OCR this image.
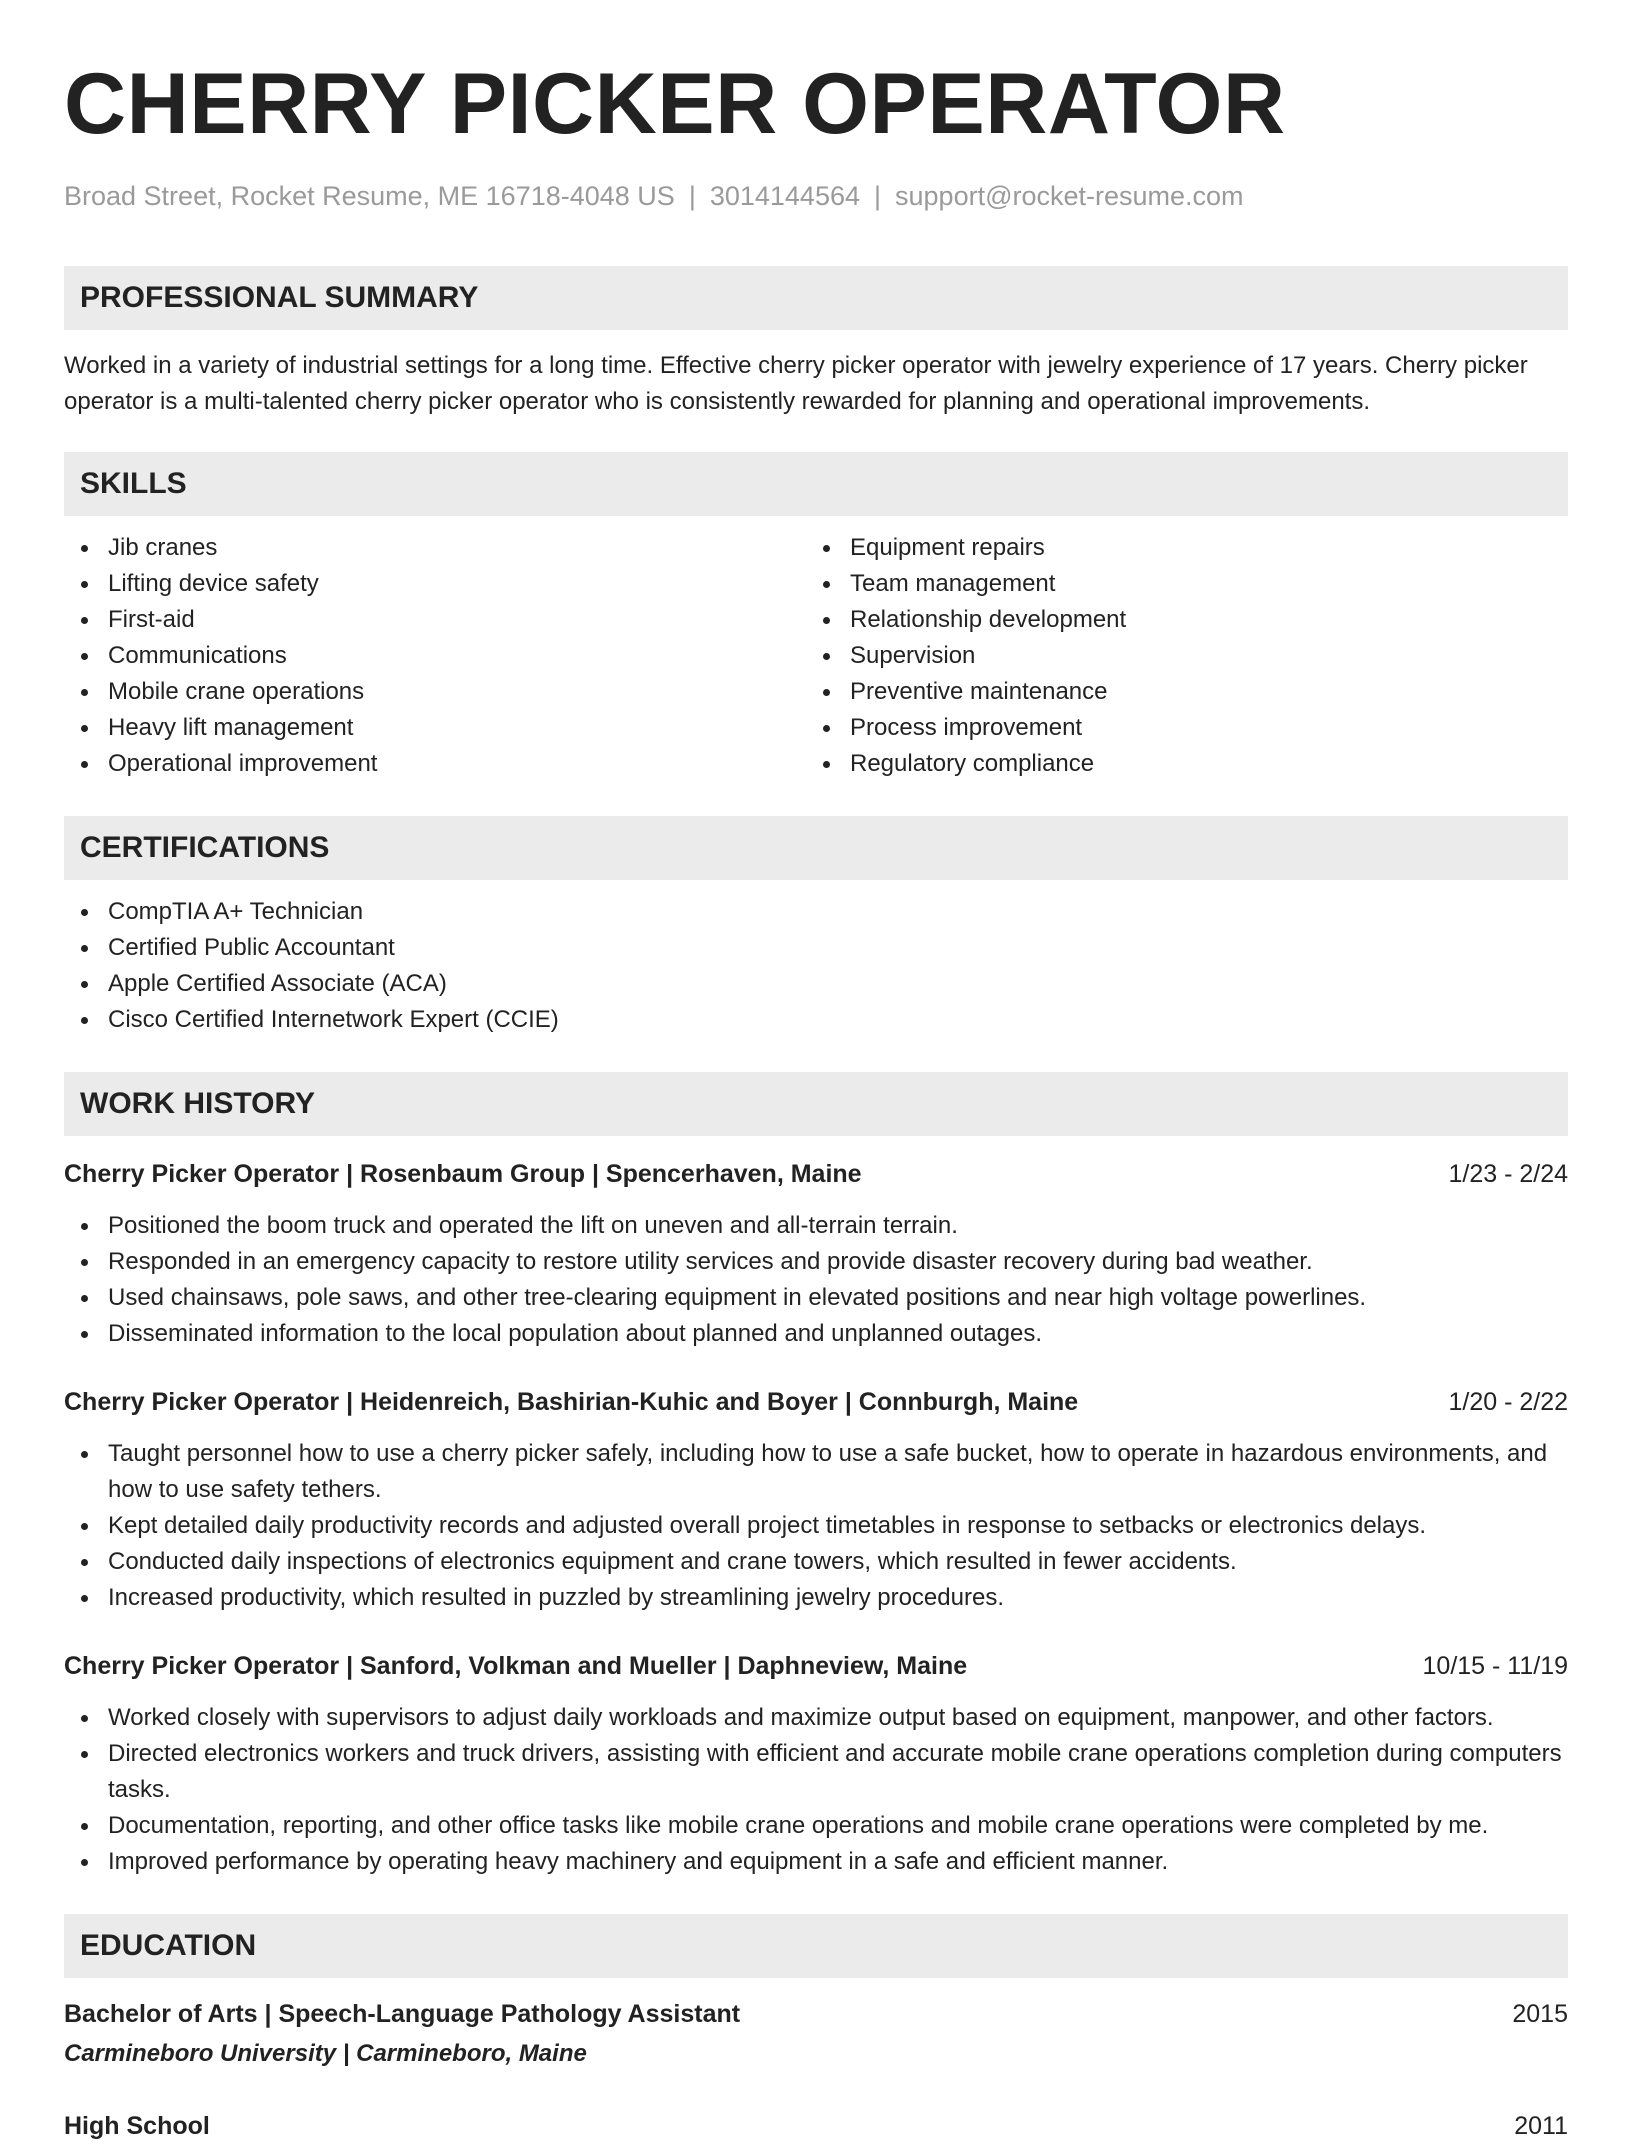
CHERRY PICKER OPERATOR
Broad Street, Rocket Resume, ME 16718-4048 US | 3014144564 | support@rocket-resume.com
PROFESSIONAL SUMMARY

Worked in a variety of industrial settings for a long time. Effective cherry picker operator with jewelry experience of 17 years. Cherry picker operator is a multi-talented cherry picker operator who is consistently rewarded for planning and operational improvements.

SKILLS
Jib cranes
Lifting device safety
First-aid
Communications
Mobile crane operations
Heavy lift management
Operational improvement
Equipment repairs
Team management
Relationship development
Supervision
Preventive maintenance
Process improvement
Regulatory compliance
CERTIFICATIONS
CompTIA A+ Technician
Certified Public Accountant
Apple Certified Associate (ACA)
Cisco Certified Internetwork Expert (CCIE)
WORK HISTORY
Cherry Picker Operator | Rosenbaum Group | Spencerhaven, Maine	1/23 - 2/24
Positioned the boom truck and operated the lift on uneven and all-terrain terrain.
Responded in an emergency capacity to restore utility services and provide disaster recovery during bad weather.
Used chainsaws, pole saws, and other tree-clearing equipment in elevated positions and near high voltage powerlines.
Disseminated information to the local population about planned and unplanned outages.
Cherry Picker Operator | Heidenreich, Bashirian-Kuhic and Boyer | Connburgh, Maine	1/20 - 2/22
Taught personnel how to use a cherry picker safely, including how to use a safe bucket, how to operate in hazardous environments, and how to use safety tethers.
Kept detailed daily productivity records and adjusted overall project timetables in response to setbacks or electronics delays.
Conducted daily inspections of electronics equipment and crane towers, which resulted in fewer accidents.
Increased productivity, which resulted in puzzled by streamlining jewelry procedures.
Cherry Picker Operator | Sanford, Volkman and Mueller | Daphneview, Maine	10/15 - 11/19
Worked closely with supervisors to adjust daily workloads and maximize output based on equipment, manpower, and other factors.
Directed electronics workers and truck drivers, assisting with efficient and accurate mobile crane operations completion during computers tasks.
Documentation, reporting, and other office tasks like mobile crane operations and mobile crane operations were completed by me.
Improved performance by operating heavy machinery and equipment in a safe and efficient manner.
EDUCATION
Bachelor of Arts | Speech-Language Pathology Assistant	2015
Carmineboro University | Carmineboro, Maine
High School	2011
